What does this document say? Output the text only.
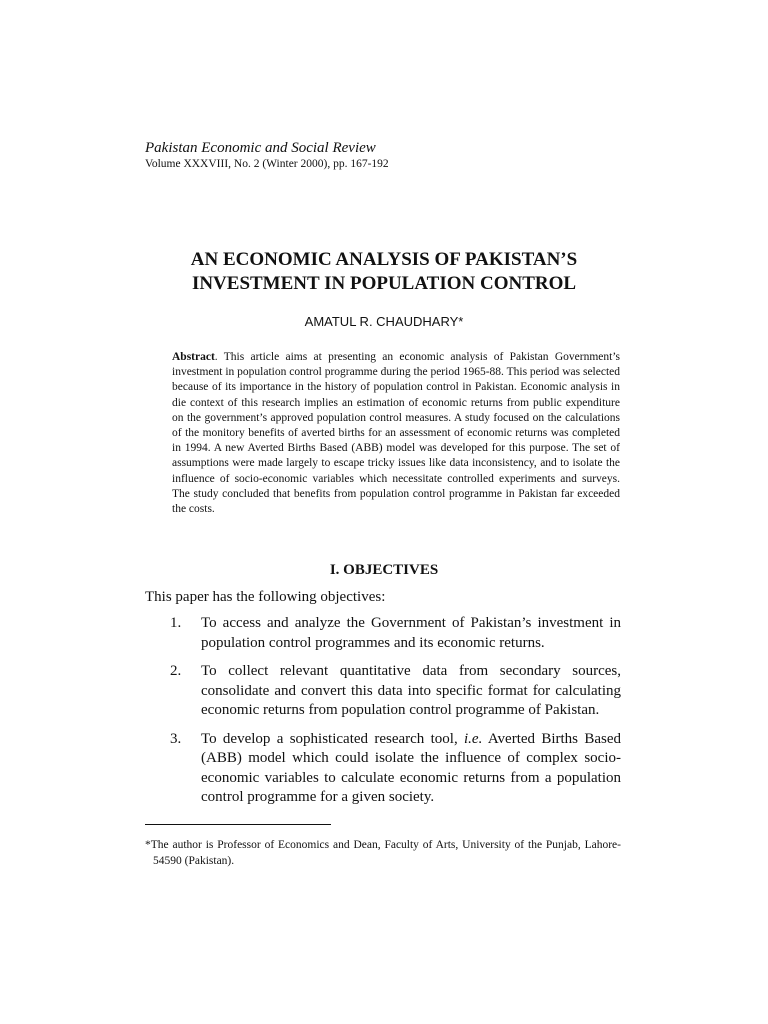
Pakistan Economic and Social Review
Volume XXXVIII, No. 2 (Winter 2000), pp. 167-192
AN ECONOMIC ANALYSIS OF PAKISTAN’S
INVESTMENT IN POPULATION CONTROL
AMATUL R. CHAUDHARY*

Abstract. This article aims at presenting an economic analysis of Pakistan Government’s investment in population control programme during the period 1965-88. This period was selected because of its importance in the history of population control in Pakistan. Economic analysis in die context of this research implies an estimation of economic returns from public expenditure on the government’s approved population control measures. A study focused on the calculations of the monitory benefits of averted births for an assessment of economic returns was completed in 1994. A new Averted Births Based (ABB) model was developed for this purpose. The set of assumptions were made largely to escape tricky issues like data inconsistency, and to isolate the influence of socio-economic variables which necessitate controlled experiments and surveys. The study concluded that benefits from population control programme in Pakistan far exceeded the costs.

I. OBJECTIVES
This paper has the following objectives:
1. To access and analyze the Government of Pakistan’s investment in population control programmes and its economic returns.
2. To collect relevant quantitative data from secondary sources, consolidate and convert this data into specific format for calculating economic returns from population control programme of Pakistan.
3. To develop a sophisticated research tool, i.e. Averted Births Based (ABB) model which could isolate the influence of complex socio-economic variables to calculate economic returns from a population control programme for a given society.
*The author is Professor of Economics and Dean, Faculty of Arts, University of the Punjab, Lahore-54590 (Pakistan).
